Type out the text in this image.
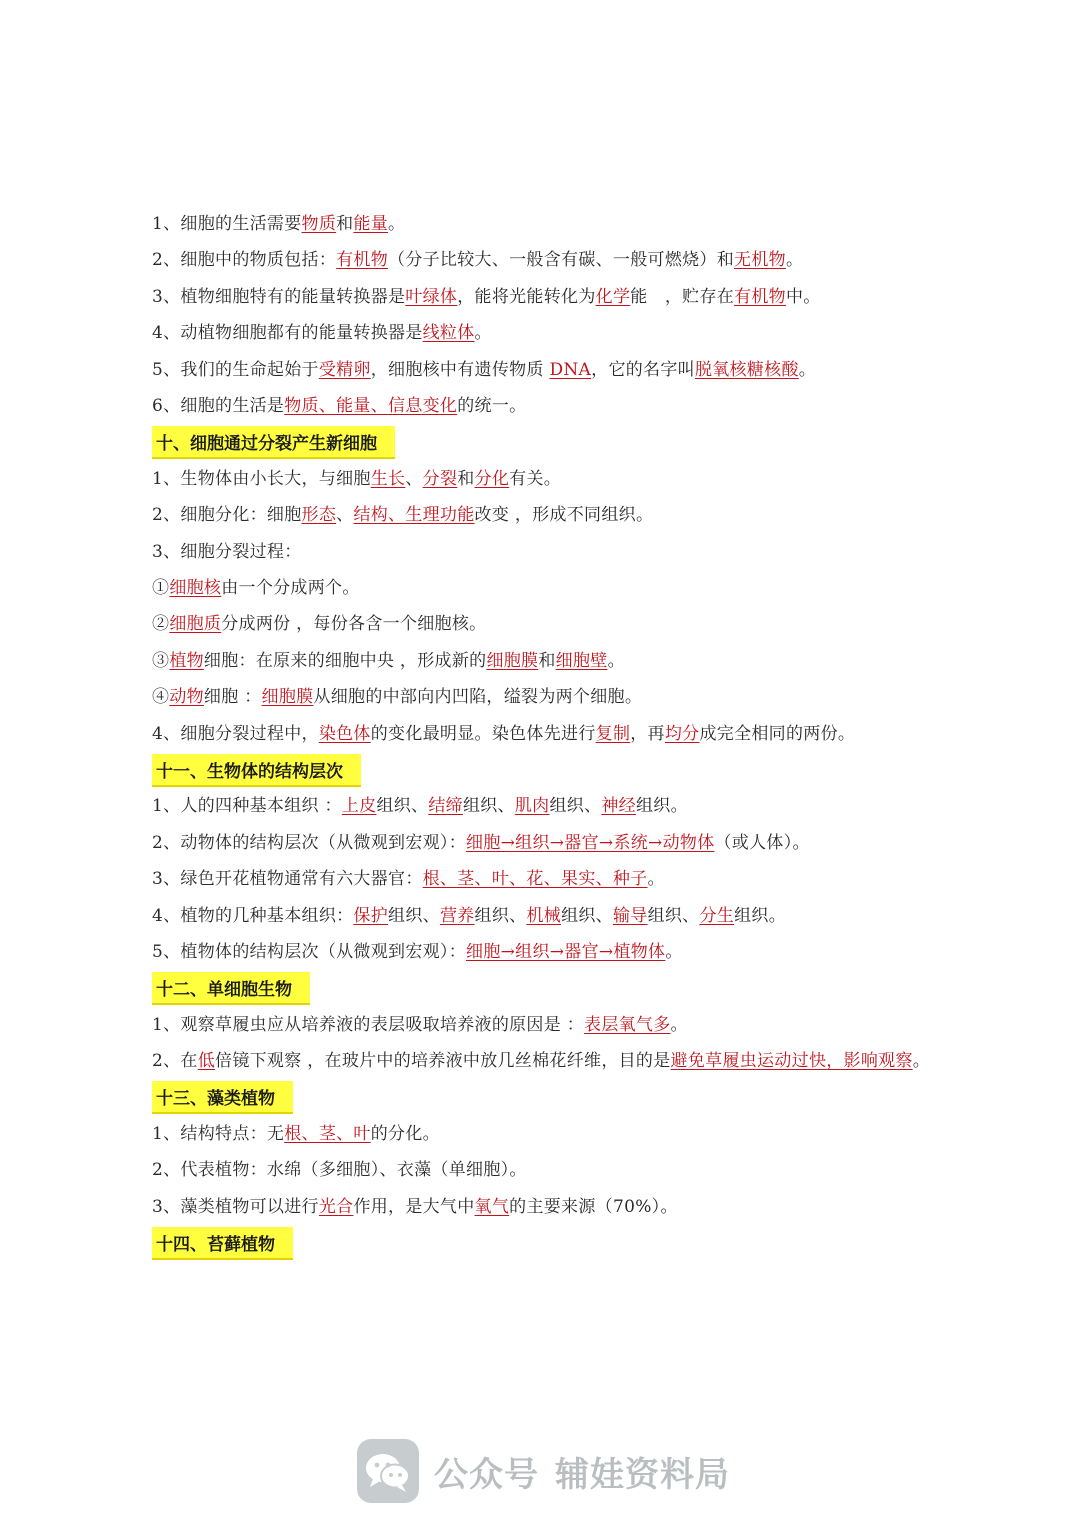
1、细胞的生活需要物质和能量。
2、细胞中的物质包括：有机物（分子比较大、一般含有碳、一般可燃烧）和无机物。
3、植物细胞特有的能量转换器是叶绿体，能将光能转化为化学能　，贮存在有机物中。
4、动植物细胞都有的能量转换器是线粒体。
5、我们的生命起始于受精卵，细胞核中有遗传物质 DNA，它的名字叫脱氧核糖核酸。
6、细胞的生活是物质、能量、信息变化的统一。
十、细胞通过分裂产生新细胞
1、生物体由小长大，与细胞生长、分裂和分化有关。
2、细胞分化：细胞形态、结构、生理功能改变 ，形成不同组织。
3、细胞分裂过程：
①细胞核由一个分成两个。
②细胞质分成两份 ，每份各含一个细胞核。
③植物细胞：在原来的细胞中央 ，形成新的细胞膜和细胞壁。
④动物细胞 ：细胞膜从细胞的中部向内凹陷，缢裂为两个细胞。
4、细胞分裂过程中，染色体的变化最明显。染色体先进行复制，再均分成完全相同的两份。
十一、生物体的结构层次
1、人的四种基本组织 ：上皮组织、结缔组织、肌肉组织、神经组织。
2、动物体的结构层次（从微观到宏观）：细胞→组织→器官→系统→动物体（或人体）。
3、绿色开花植物通常有六大器官：根、茎、叶、花、果实、种子。
4、植物的几种基本组织：保护组织、营养组织、机械组织、输导组织、分生组织。
5、植物体的结构层次（从微观到宏观）：细胞→组织→器官→植物体。
十二、单细胞生物
1、观察草履虫应从培养液的表层吸取培养液的原因是 ：表层氧气多。
2、在低倍镜下观察 ，在玻片中的培养液中放几丝棉花纤维，目的是避免草履虫运动过快，影响观察。
十三、藻类植物
1、结构特点：无根、茎、叶的分化。
2、代表植物：水绵（多细胞）、衣藻（单细胞）。
3、藻类植物可以进行光合作用，是大气中氧气的主要来源（70%）。
十四、苔藓植物
公众号 辅娃资料局
